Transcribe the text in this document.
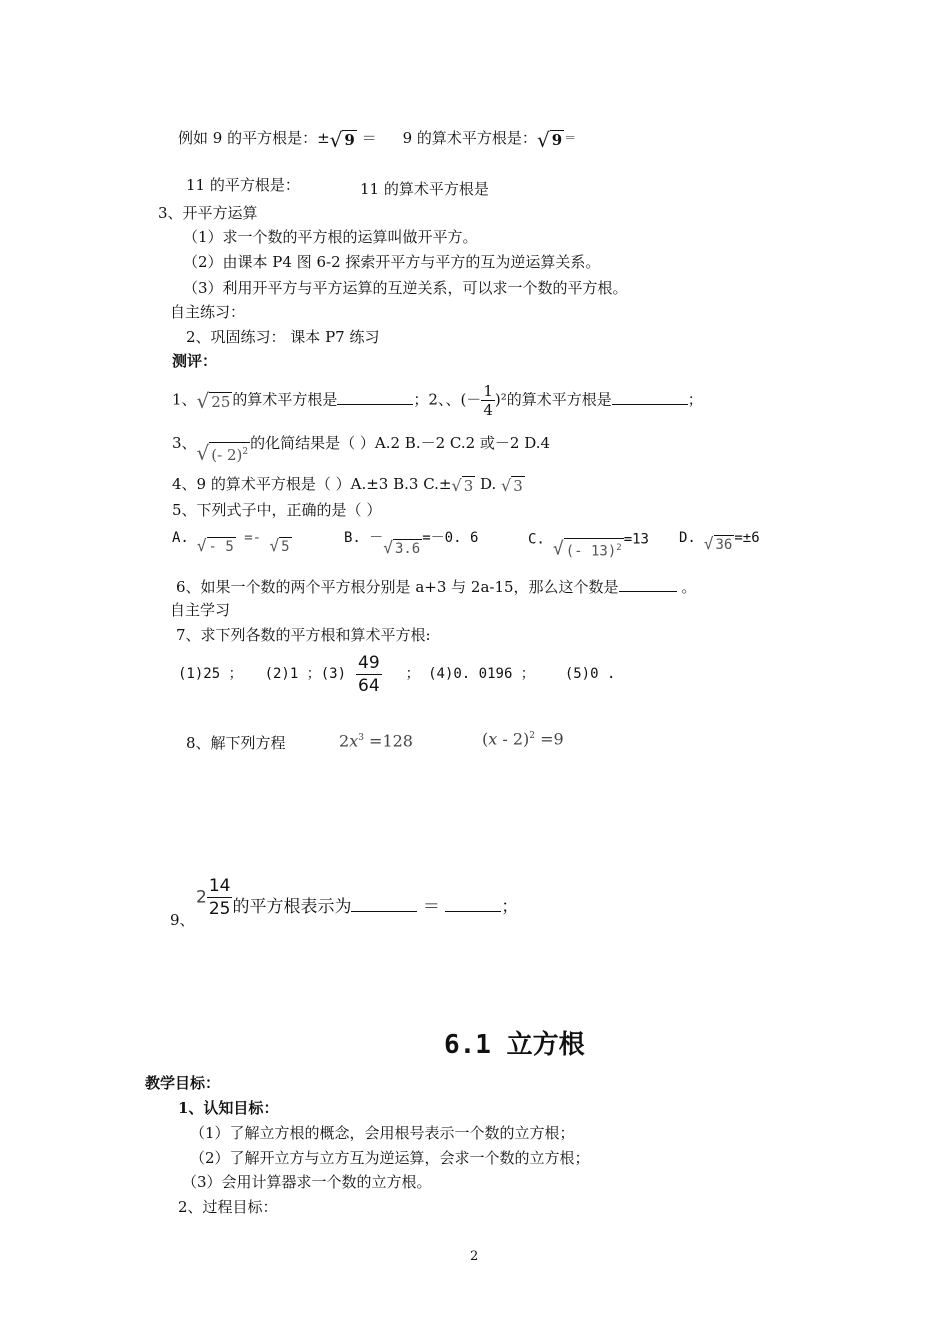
例如 9 的平方根是：±√ 9 ＝ 9 的算术平方根是：√ 9 ＝
11 的平方根是：	11 的算术平方根是
3、开平方运算
（1）求一个数的平方根的运算叫做开平方。
（2）由课本 P4 图 6-2 探索开平方与平方的互为逆运算关系。
（3）利用开平方与平方运算的互逆关系，可以求一个数的平方根。
自主练习：
2、巩固练习： 课本 P7 练习
测评：
1、√ 25 的算术平方根是	；2、、(－ $\frac{1}{4} )^2$的算术平方根是	；
3、√ (- 2)$^2$ 的化简结果是（ ）A.2 B.－2 C.2 或－2 D.4
4、9 的算术平方根是（ ）A.±3 B.3 C.±√ 3 D. √ 3
5、下列式子中，正确的是（ ）
A. √ - 5 =- √ 5
B. －√ 3.6=－0. 6	C. √ (- 13)$^2$=13 D. √ 36 =±6
6、如果一个数的两个平方根分别是 a+3 与 2a-15，那么这个数是	。
自主学习
7、求下列各数的平方根和算术平方根:
(1)25 ； (2)1 ；$(3) \frac{49}{64}$ ； (4)0. 0196 ； (5)0 .
8、解下列方程	$2x^3 =128$	(x - 2)$^2$ =9
9、
$2 \frac{14}{25}$ 的平方根表示为	＝	；
6.1 立方根
教学目标：
1、认知目标：
（1）了解立方根的概念，会用根号表示一个数的立方根；
（2）了解开立方与立方互为逆运算，会求一个数的立方根；
（3）会用计算器求一个数的立方根。
2、过程目标：
2
